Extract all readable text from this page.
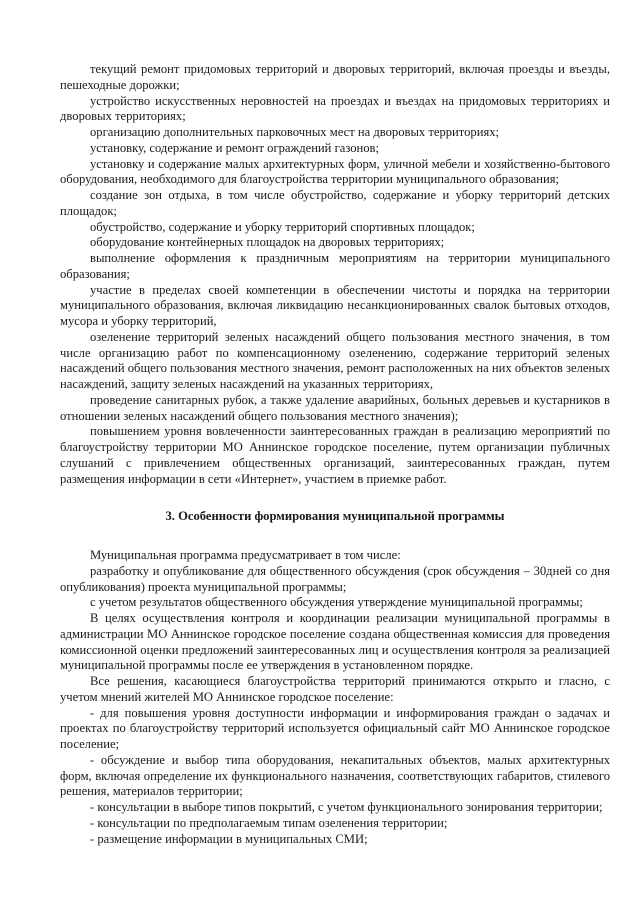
текущий ремонт придомовых территорий и дворовых территорий, включая проезды и въезды, пешеходные дорожки;

устройство искусственных неровностей на проездах и въездах на придомовых территориях и дворовых территориях;

организацию дополнительных парковочных мест на дворовых территориях;

установку, содержание и ремонт ограждений газонов;

установку и содержание малых архитектурных форм, уличной мебели и хозяйственно-бытового оборудования, необходимого для благоустройства территории муниципального образования;

создание зон отдыха, в том числе обустройство, содержание и уборку территорий детских площадок;

обустройство, содержание и уборку территорий спортивных площадок;

оборудование контейнерных площадок на дворовых территориях;

выполнение оформления к праздничным мероприятиям на территории муниципального образования;

участие в пределах своей компетенции в обеспечении чистоты и порядка на территории муниципального образования, включая ликвидацию несанкционированных свалок бытовых отходов, мусора и уборку территорий,

озеленение территорий зеленых насаждений общего пользования местного значения, в том числе организацию работ по компенсационному озеленению, содержание территорий зеленых насаждений общего пользования местного значения, ремонт расположенных на них объектов зеленых насаждений, защиту зеленых насаждений на указанных территориях,

проведение санитарных рубок, а также удаление аварийных, больных деревьев и кустарников в отношении зеленых насаждений общего пользования местного значения);

повышением уровня вовлеченности заинтересованных граждан в реализацию мероприятий по благоустройству территории МО Аннинское городское поселение, путем организации публичных слушаний с привлечением общественных организаций, заинтересованных граждан, путем размещения информации в сети «Интернет», участием в приемке работ.

3. Особенности формирования муниципальной программы

Муниципальная программа предусматривает в том числе:

разработку и опубликование для общественного обсуждения (срок обсуждения – 30дней со дня опубликования) проекта муниципальной программы;

с учетом результатов общественного обсуждения утверждение муниципальной программы;

В целях осуществления контроля и координации реализации муниципальной программы в администрации МО Аннинское городское поселение создана общественная комиссия для проведения комиссионной оценки предложений заинтересованных лиц и осуществления контроля за реализацией муниципальной программы после ее утверждения в установленном порядке.

Все решения, касающиеся благоустройства территорий принимаются открыто и гласно, с учетом мнений жителей МО Аннинское городское поселение:

- для повышения уровня доступности информации и информирования граждан о задачах и проектах по благоустройству территорий используется официальный сайт МО Аннинское городское поселение;

- обсуждение и выбор типа оборудования, некапитальных объектов, малых архитектурных форм, включая определение их функционального назначения, соответствующих габаритов, стилевого решения, материалов территории;

- консультации в выборе типов покрытий, с учетом функционального зонирования территории;

- консультации по предполагаемым типам озеленения территории;

- размещение информации в муниципальных СМИ;
